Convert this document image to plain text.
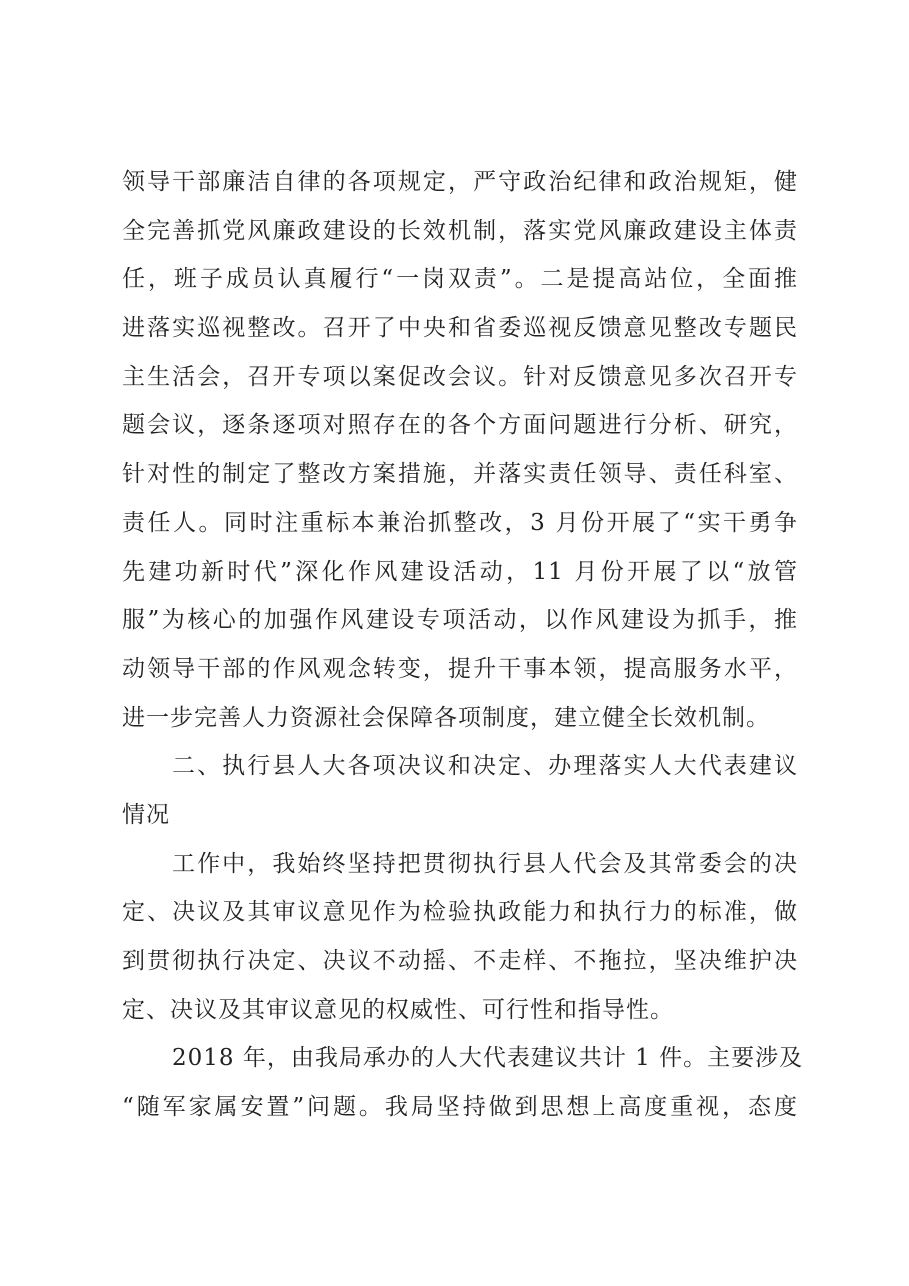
领导干部廉洁自律的各项规定，严守政治纪律和政治规矩，健
全完善抓党风廉政建设的长效机制，落实党风廉政建设主体责
任，班子成员认真履行“一岗双责”。二是提高站位，全面推
进落实巡视整改。召开了中央和省委巡视反馈意见整改专题民
主生活会，召开专项以案促改会议。针对反馈意见多次召开专
题会议，逐条逐项对照存在的各个方面问题进行分析、研究，
针对性的制定了整改方案措施，并落实责任领导、责任科室、
责任人。同时注重标本兼治抓整改，3 月份开展了“实干勇争
先建功新时代”深化作风建设活动，11 月份开展了以“放管
服”为核心的加强作风建设专项活动，以作风建设为抓手，推
动领导干部的作风观念转变，提升干事本领，提高服务水平，
进一步完善人力资源社会保障各项制度，建立健全长效机制。
二、执行县人大各项决议和决定、办理落实人大代表建议
情况
工作中，我始终坚持把贯彻执行县人代会及其常委会的决
定、决议及其审议意见作为检验执政能力和执行力的标准，做
到贯彻执行决定、决议不动摇、不走样、不拖拉，坚决维护决
定、决议及其审议意见的权威性、可行性和指导性。
2018 年，由我局承办的人大代表建议共计 1 件。主要涉及
“随军家属安置”问题。我局坚持做到思想上高度重视，态度
